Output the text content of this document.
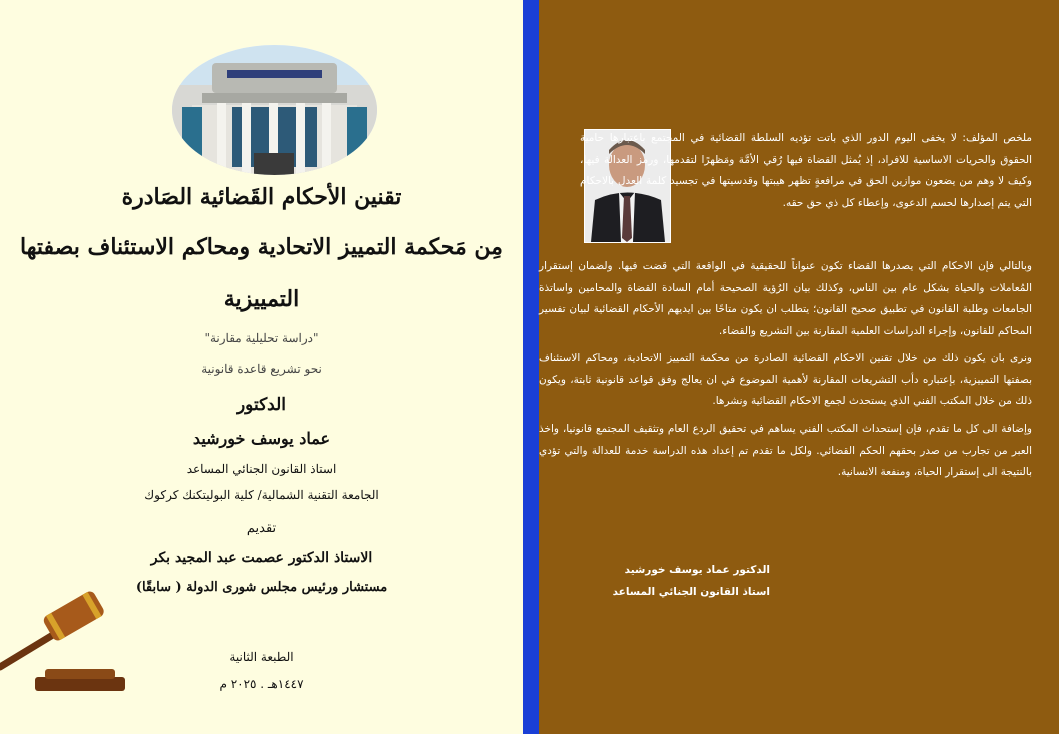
تقنين الأحكام القَضائية الصَادرة
مِن مَحكمة التمييز الاتحادية ومحاكم الاستئناف بصفتها
التمييزية
"دراسة تحليلية مقارنة"
نحو تشريع قاعدة قانونية
الدكتور
عماد يوسف خورشيد
استاذ القانون الجنائي المساعد
الجامعة التقنية الشمالية/ كلية البوليتكنك كركوك
تقديم
الاستاذ الدكتور عصمت عبد المجيد بكر
مستشار ورئيس مجلس شورى الدولة ( سابقًا)
الطبعة الثانية
١٤٤٧هـ . ٢٠٢٥ م
ملخص المؤلف: لا يخفى اليوم الدور الذي باتت تؤديه السلطة القضائية في المجتمع باعتبارها حامية الحقوق والحريات الاساسية للافراد، إذ يُمثل القضاة فيها رُقي الأمَّة ومَظهرًا لتقدمها، ورمز العدالة فيها، وكيف لا وهم من يضعون موازين الحق في مرافعةٍ تظهر هيبتها وقدسيتها في تجسيد كلمة العدل بالاحكام التي يتم إصدارها لحسم الدعوى، وإعطاء كل ذي حق حقه.
وبالتالي فإن الاحكام التي يصدرها القضاء تكون عنواناً للحقيقية في الواقعة التي قضت فيها. ولضمان إستقرار المُعاملات والحياة بشكل عام بين الناس، وكذلك بيان الرُؤية الصحيحة أمام السادة القضاة والمحامين واساتذة الجامعات وطلبة القانون في تطبيق صحيح القانون؛ يتطلب ان يكون متاحًا بين ايديهم الأحكام القضائية لبيان تفسير المحاكم للقانون، وإجراء الدراسات العلمية المقارنة بين التشريع والقضاء.
ونرى بان يكون ذلك من خلال تقنين الاحكام القضائية الصادرة من محكمة التمييز الاتحادية، ومحاكم الاستئناف بصفتها التمييزية، بإعتباره دأب التشريعات المقارنة لأهمية الموضوع في ان يعالج وفق قواعد قانونية ثابتة، ويكون ذلك من خلال المكتب الفني الذي يستحدث لجمع الاحكام القضائية ونشرها.
وإضافة الى كل ما تقدم، فإن إستحداث المكتب الفني يساهم في تحقيق الردع العام وتثقيف المجتمع قانونيا، واخذ العبر من تجارب من صدر بحقهم الحكم القضائي. ولكل ما تقدم تم إعداد هذه الدراسة خدمة للعدالة والتي تؤدي بالنتيجة الى إستقرار الحياة، ومنفعة الانسانية.
الدكتور عماد يوسف خورشيد
استاذ القانون الجنائي المساعد
